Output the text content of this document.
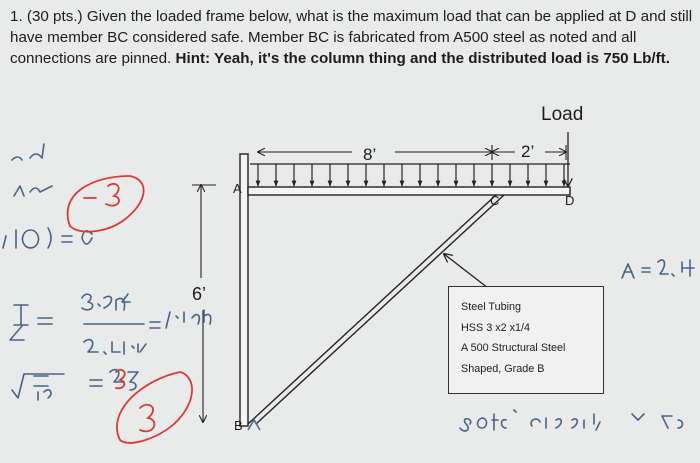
1. (30 pts.) Given the loaded frame below, what is the maximum load that can be applied at D and still have member BC considered safe. Member BC is fabricated from A500 steel as noted and all connections are pinned. Hint: Yeah, it's the column thing and the distributed load is 750 Lb/ft.
Load
8’	2’
A
C	D
6’
B
Steel Tubing
HSS 3 x2 x1/4
A 500 Structural Steel
Shaped, Grade B
